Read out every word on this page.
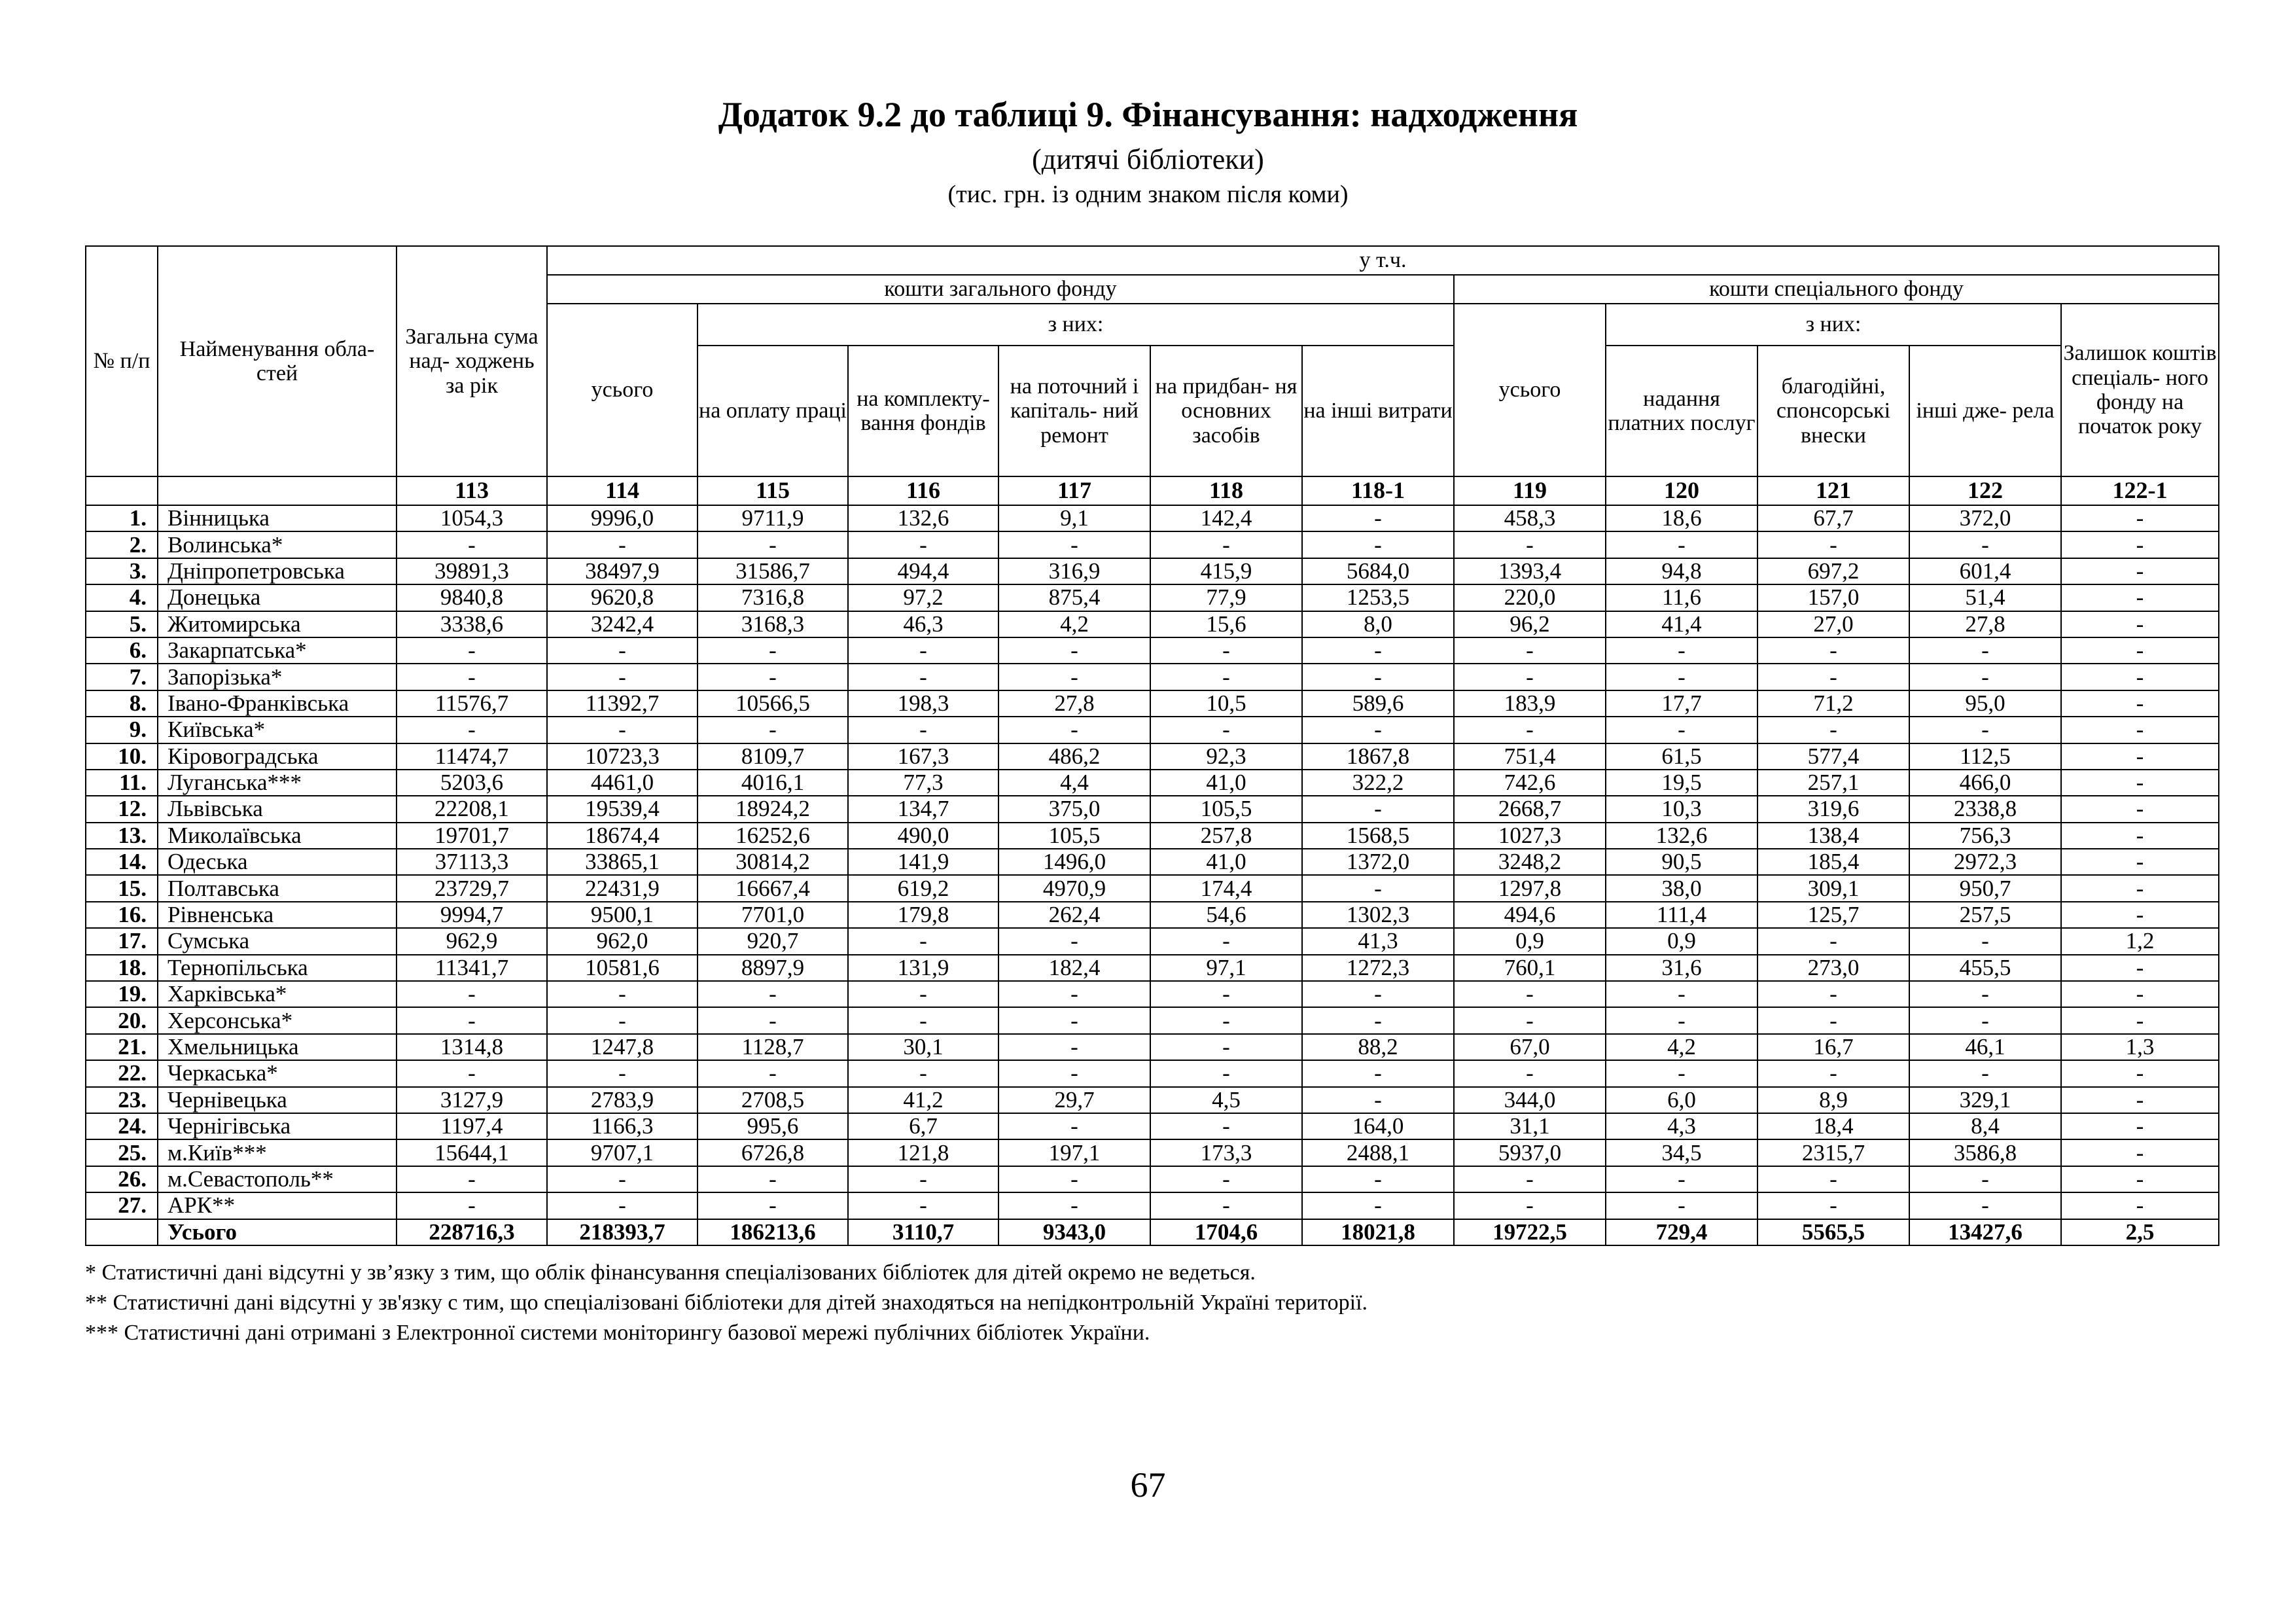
Додаток 9.2 до таблиці 9. Фінансування: надходження
(дитячі бібліотеки)
(тис. грн. із одним знаком після коми)
№ п/п	Найменування обла- стей	Загальна сума над- ходжень за рік	у т.ч.										
			кошти загального фонду						кошти спеціального фонду				
			усього	з них:					усього	з них:			Залишок коштів спеціаль- ного фонду на початок року
				на оплату праці	на комплекту- вання фондів	на поточний і капіталь- ний ремонт	на придбан- ня основних засобів	на інші витрати		надання платних послуг	благодійні, спонсорські внески	інші дже- рела	
		113	114	115	116	117	118	118-1	119	120	121	122	122-1
1.	Вінницька	1054,3	9996,0	9711,9	132,6	9,1	142,4	-	458,3	18,6	67,7	372,0	-
2.	Волинська*	-	-	-	-	-	-	-	-	-	-	-	-
3.	Дніпропетровська	39891,3	38497,9	31586,7	494,4	316,9	415,9	5684,0	1393,4	94,8	697,2	601,4	-
4.	Донецька	9840,8	9620,8	7316,8	97,2	875,4	77,9	1253,5	220,0	11,6	157,0	51,4	-
5.	Житомирська	3338,6	3242,4	3168,3	46,3	4,2	15,6	8,0	96,2	41,4	27,0	27,8	-
6.	Закарпатська*	-	-	-	-	-	-	-	-	-	-	-	-
7.	Запорізька*	-	-	-	-	-	-	-	-	-	-	-	-
8.	Івано-Франківська	11576,7	11392,7	10566,5	198,3	27,8	10,5	589,6	183,9	17,7	71,2	95,0	-
9.	Київська*	-	-	-	-	-	-	-	-	-	-	-	-
10.	Кіровоградська	11474,7	10723,3	8109,7	167,3	486,2	92,3	1867,8	751,4	61,5	577,4	112,5	-
11.	Луганська***	5203,6	4461,0	4016,1	77,3	4,4	41,0	322,2	742,6	19,5	257,1	466,0	-
12.	Львівська	22208,1	19539,4	18924,2	134,7	375,0	105,5	-	2668,7	10,3	319,6	2338,8	-
13.	Миколаївська	19701,7	18674,4	16252,6	490,0	105,5	257,8	1568,5	1027,3	132,6	138,4	756,3	-
14.	Одеська	37113,3	33865,1	30814,2	141,9	1496,0	41,0	1372,0	3248,2	90,5	185,4	2972,3	-
15.	Полтавська	23729,7	22431,9	16667,4	619,2	4970,9	174,4	-	1297,8	38,0	309,1	950,7	-
16.	Рівненська	9994,7	9500,1	7701,0	179,8	262,4	54,6	1302,3	494,6	111,4	125,7	257,5	-
17.	Сумська	962,9	962,0	920,7	-	-	-	41,3	0,9	0,9	-	-	1,2
18.	Тернопільська	11341,7	10581,6	8897,9	131,9	182,4	97,1	1272,3	760,1	31,6	273,0	455,5	-
19.	Харківська*	-	-	-	-	-	-	-	-	-	-	-	-
20.	Херсонська*	-	-	-	-	-	-	-	-	-	-	-	-
21.	Хмельницька	1314,8	1247,8	1128,7	30,1	-	-	88,2	67,0	4,2	16,7	46,1	1,3
22.	Черкаська*	-	-	-	-	-	-	-	-	-	-	-	-
23.	Чернівецька	3127,9	2783,9	2708,5	41,2	29,7	4,5	-	344,0	6,0	8,9	329,1	-
24.	Чернігівська	1197,4	1166,3	995,6	6,7	-	-	164,0	31,1	4,3	18,4	8,4	-
25.	м.Київ***	15644,1	9707,1	6726,8	121,8	197,1	173,3	2488,1	5937,0	34,5	2315,7	3586,8	-
26.	м.Севастополь**	-	-	-	-	-	-	-	-	-	-	-	-
27.	АРК**	-	-	-	-	-	-	-	-	-	-	-	-
	Усього	228716,3	218393,7	186213,6	3110,7	9343,0	1704,6	18021,8	19722,5	729,4	5565,5	13427,6	2,5
* Статистичні дані відсутні у зв’язку з тим, що облік фінансування спеціалізованих бібліотек для дітей окремо не ведеться.
** Статистичні дані відсутні у зв'язку с тим, що спеціалізовані бібліотеки для дітей знаходяться на непідконтрольній Україні території.
*** Статистичні дані отримані з Електронної системи моніторингу базової мережі публічних бібліотек України.
67
